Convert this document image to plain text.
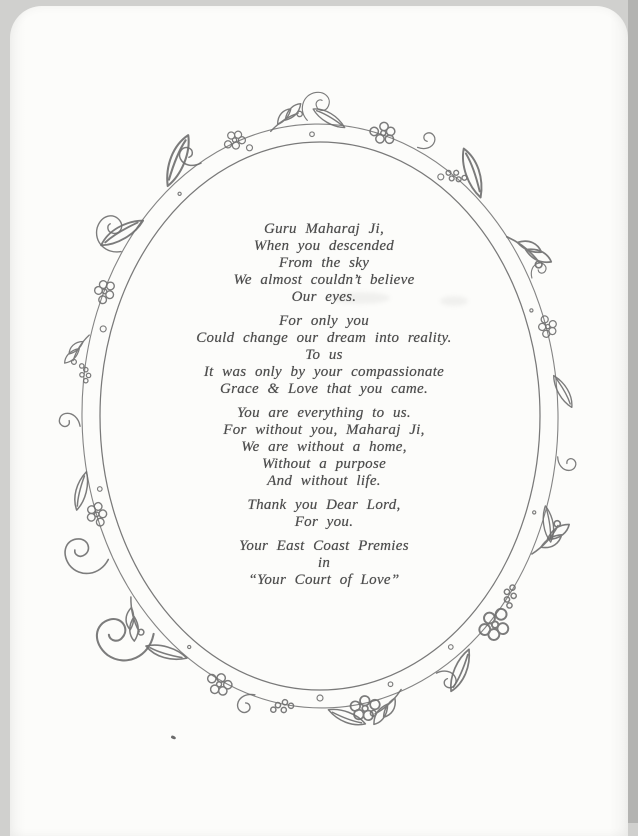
Guru Maharaj Ji,
When you descended
From the sky
We almost couldn’t believe
Our eyes.
For only you
Could change our dream into reality.
To us
It was only by your compassionate
Grace & Love that you came.
You are everything to us.
For without you, Maharaj Ji,
We are without a home,
Without a purpose
And without life.
Thank you Dear Lord,
For you.
Your East Coast Premies
in
“Your Court of Love”
